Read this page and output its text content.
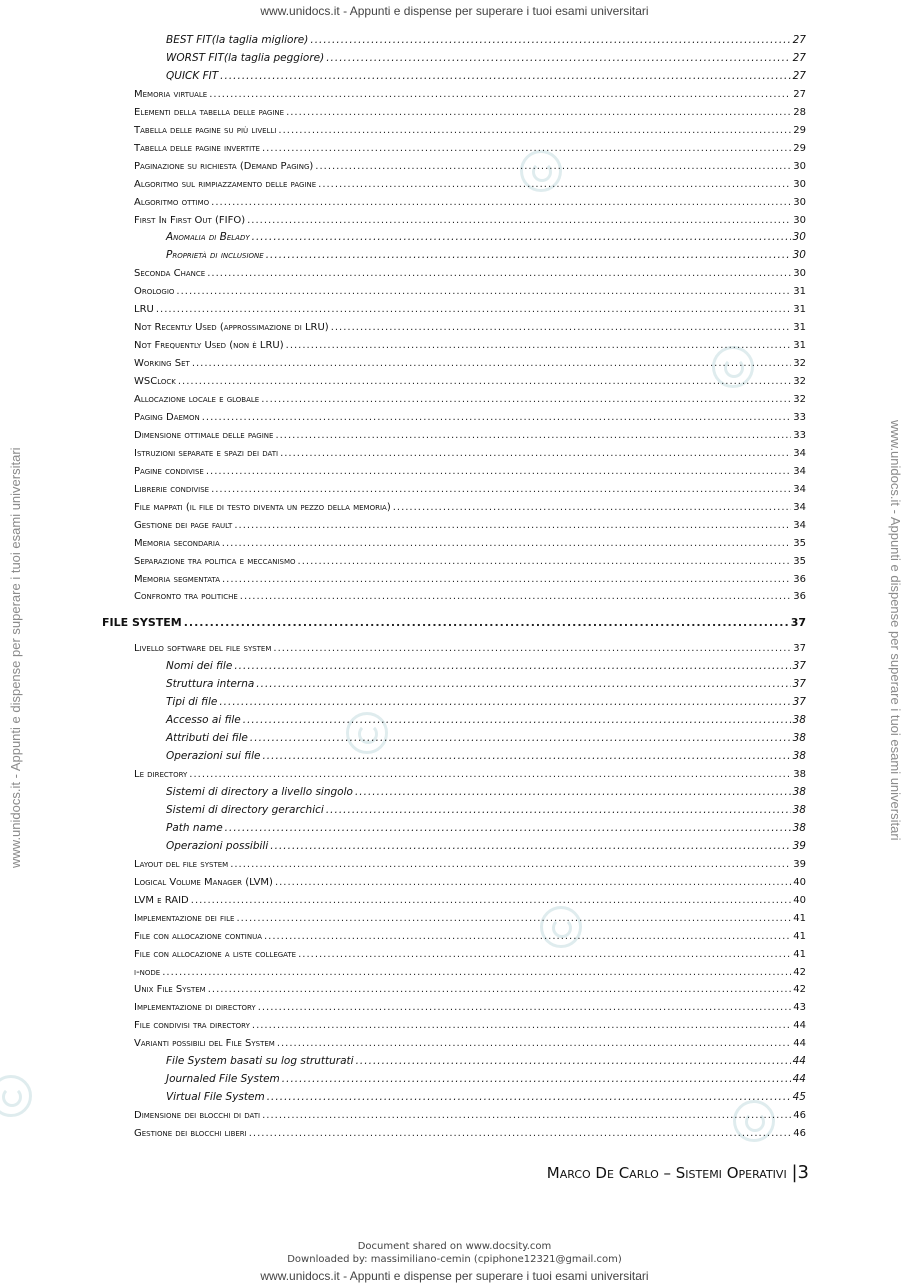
www.unidocs.it - Appunti e dispense per superare i tuoi esami universitari
www.unidocs.it - Appunti e dispense per superare i tuoi esami universitari	www.unidocs.it - Appunti e dispense per superare i tuoi esami universitari
BEST FIT(la taglia migliore) .....	27
WORST FIT(la taglia peggiore) .....	27
QUICK FIT .....	27
Memoria virtuale .....	27
Elementi della tabella delle pagine .....	28
Tabella delle pagine su più livelli .....	29
Tabella delle pagine invertite .....	29
Paginazione su richiesta (Demand Paging) .....	30
Algoritmo sul rimpiazzamento delle pagine .....	30
Algoritmo ottimo .....	30
First In First Out (FIFO) .....	30
Anomalia di Belady .....	30
Proprietà di inclusione .....	30
Seconda Chance .....	30
Orologio .....	31
LRU .....	31
Not Recently Used (approssimazione di LRU) .....	31
Not Frequently Used (non è LRU) .....	31
Working Set .....	32
WSClock .....	32
Allocazione locale e globale .....	32
Paging Daemon .....	33
Dimensione ottimale delle pagine .....	33
Istruzioni separate e spazi dei dati .....	34
Pagine condivise .....	34
Librerie condivise .....	34
File mappati (il file di testo diventa un pezzo della memoria) .....	34
Gestione dei page fault .....	34
Memoria secondaria .....	35
Separazione tra politica e meccanismo .....	35
Memoria segmentata .....	36
Confronto tra politiche .....	36
FILE SYSTEM .....	37
Livello software del file system .....	37
Nomi dei file .....	37
Struttura interna .....	37
Tipi di file .....	37
Accesso ai file .....	38
Attributi dei file .....	38
Operazioni sui file .....	38
Le directory .....	38
Sistemi di directory a livello singolo .....	38
Sistemi di directory gerarchici .....	38
Path name .....	38
Operazioni possibili .....	39
Layout del file system .....	39
Logical Volume Manager (LVM) .....	40
LVM e RAID .....	40
Implementazione dei file .....	41
File con allocazione continua .....	41
File con allocazione a liste collegate .....	41
i-node .....	42
Unix File System .....	42
Implementazione di directory .....	43
File condivisi tra directory .....	44
Varianti possibili del File System .....	44
File System basati su log strutturati .....	44
Journaled File System .....	44
Virtual File System .....	45
Dimensione dei blocchi di dati .....	46
Gestione dei blocchi liberi .....	46
Marco De Carlo – Sistemi Operativi |3
Document shared on www.docsity.com
Downloaded by: massimiliano-cemin (cpiphone12321@gmail.com)
www.unidocs.it - Appunti e dispense per superare i tuoi esami universitari
